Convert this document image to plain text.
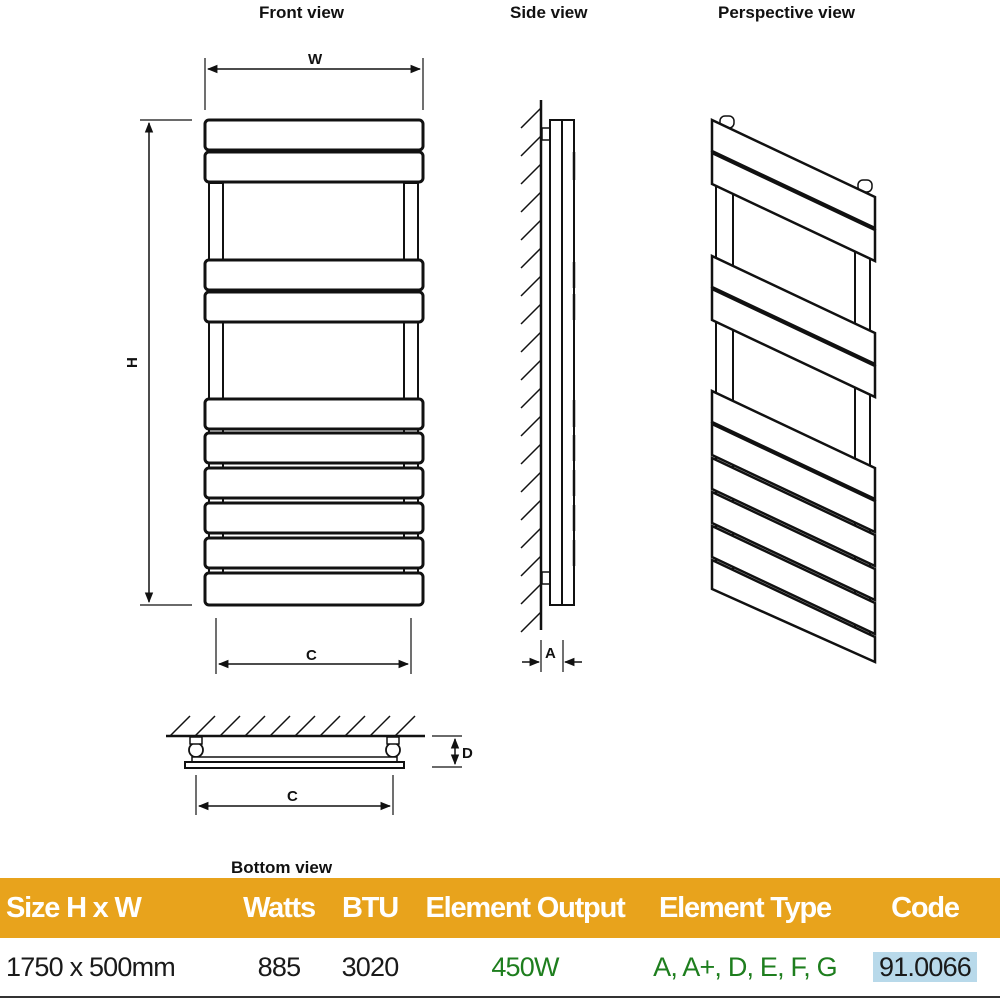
Front view	Side view	Perspective view
Bottom view
W
H
C	A
D
C
Size H x W	Watts	BTU	Element Output	Element Type	Code
1750 x 500mm	885	3020	450W	A, A+, D, E, F, G	91.0066
